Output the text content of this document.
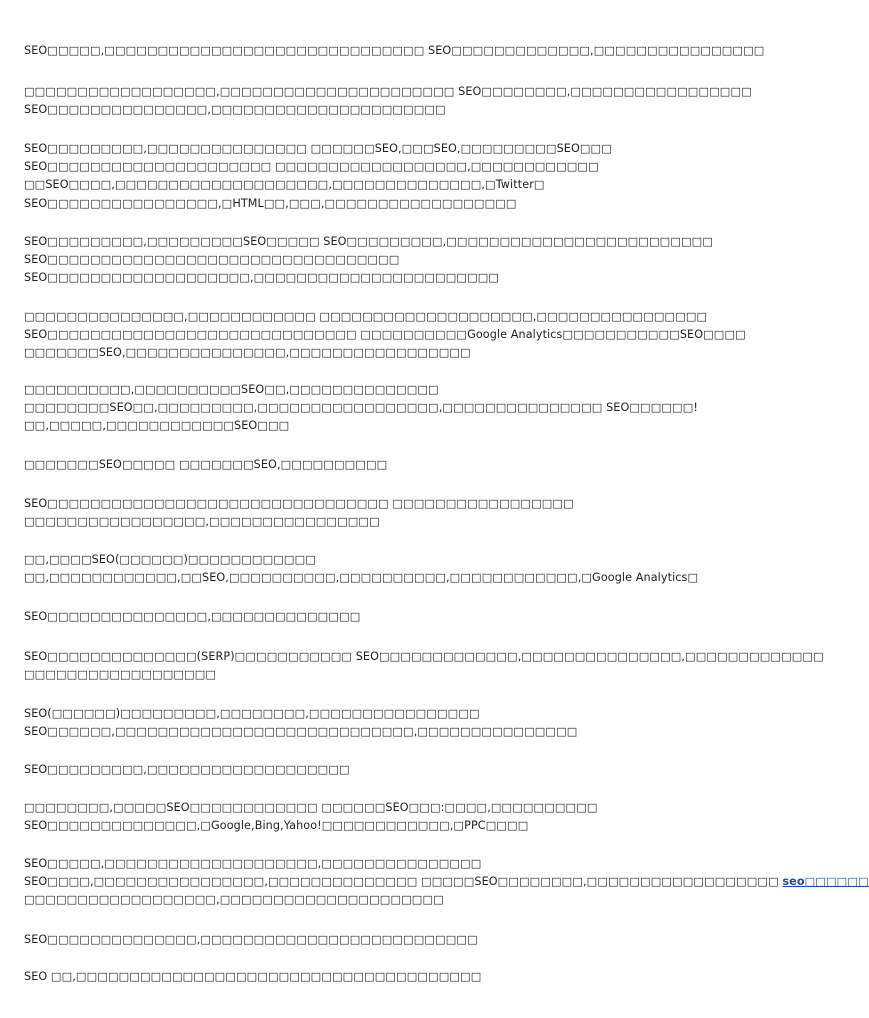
SEO□□□□□,□□□□□□□□□□□□□□□□□□□□□□□□□□□□□□ SEO□□□□□□□□□□□□□,□□□□□□□□□□□□□□□□
□□□□□□□□□□□□□□□□□□,□□□□□□□□□□□□□□□□□□□□□□ SEO□□□□□□□□,□□□□□□□□□□□□□□□□□
SEO□□□□□□□□□□□□□□□,□□□□□□□□□□□□□□□□□□□□□□
SEO□□□□□□□□□,□□□□□□□□□□□□□□□ □□□□□□SEO,□□□SEO,□□□□□□□□□SEO□□□
SEO□□□□□□□□□□□□□□□□□□□□□ □□□□□□□□□□□□□□□□□□,□□□□□□□□□□□□
□□SEO□□□□,□□□□□□□□□□□□□□□□□□□□,□□□□□□□□□□□□□□,□Twitter□
SEO□□□□□□□□□□□□□□□□,□HTML□□,□□□,□□□□□□□□□□□□□□□□□□
SEO□□□□□□□□□,□□□□□□□□□SEO□□□□□ SEO□□□□□□□□□,□□□□□□□□□□□□□□□□□□□□□□□□□
SEO□□□□□□□□□□□□□□□□□□□□□□□□□□□□□□□□□
SEO□□□□□□□□□□□□□□□□□□□,□□□□□□□□□□□□□□□□□□□□□□□
□□□□□□□□□□□□□□□,□□□□□□□□□□□□ □□□□□□□□□□□□□□□□□□□□,□□□□□□□□□□□□□□□□
SEO□□□□□□□□□□□□□□□□□□□□□□□□□□□□□ □□□□□□□□□□Google Analytics□□□□□□□□□□□SEO□□□□
□□□□□□□SEO,□□□□□□□□□□□□□□□,□□□□□□□□□□□□□□□□□
□□□□□□□□□□,□□□□□□□□□□SEO□□,□□□□□□□□□□□□□□
□□□□□□□□SEO□□,□□□□□□□□□,□□□□□□□□□□□□□□□□□,□□□□□□□□□□□□□□□ SEO□□□□□□!
□□,□□□□□,□□□□□□□□□□□□SEO□□□
□□□□□□□SEO□□□□□ □□□□□□□SEO,□□□□□□□□□□
SEO□□□□□□□□□□□□□□□□□□□□□□□□□□□□□□□□ □□□□□□□□□□□□□□□□□
□□□□□□□□□□□□□□□□□,□□□□□□□□□□□□□□□□
□□,□□□□SEO(□□□□□□)□□□□□□□□□□□□
□□,□□□□□□□□□□□□,□□SEO,□□□□□□□□□□,□□□□□□□□□□,□□□□□□□□□□□□,□Google Analytics□
SEO□□□□□□□□□□□□□□□,□□□□□□□□□□□□□□
SEO□□□□□□□□□□□□□□(SERP)□□□□□□□□□□□ SEO□□□□□□□□□□□□□,□□□□□□□□□□□□□□□,□□□□□□□□□□□□□
□□□□□□□□□□□□□□□□□□
SEO(□□□□□□)□□□□□□□□□,□□□□□□□□,□□□□□□□□□□□□□□□□
SEO□□□□□□,□□□□□□□□□□□□□□□□□□□□□□□□□□□□,□□□□□□□□□□□□□□□
SEO□□□□□□□□□,□□□□□□□□□□□□□□□□□□□
□□□□□□□□,□□□□□SEO□□□□□□□□□□□□ □□□□□□SEO□□□:□□□□,□□□□□□□□□□
SEO□□□□□□□□□□□□□□,□Google,Bing,Yahoo!□□□□□□□□□□□□,□PPC□□□□
SEO□□□□□,□□□□□□□□□□□□□□□□□□□□,□□□□□□□□□□□□□□□
SEO□□□□,□□□□□□□□□□□□□□□□,□□□□□□□□□□□□□□ □□□□□SEO□□□□□□□□,□□□□□□□□□□□□□□□□□□ seo□□□□□□
□□□□□□□□□□□□□□□□□□,□□□□□□□□□□□□□□□□□□□□□
SEO□□□□□□□□□□□□□□,□□□□□□□□□□□□□□□□□□□□□□□□□□
SEO □□,□□□□□□□□□□□□□□□□□□□□□□□□□□□□□□□□□□□□□□
